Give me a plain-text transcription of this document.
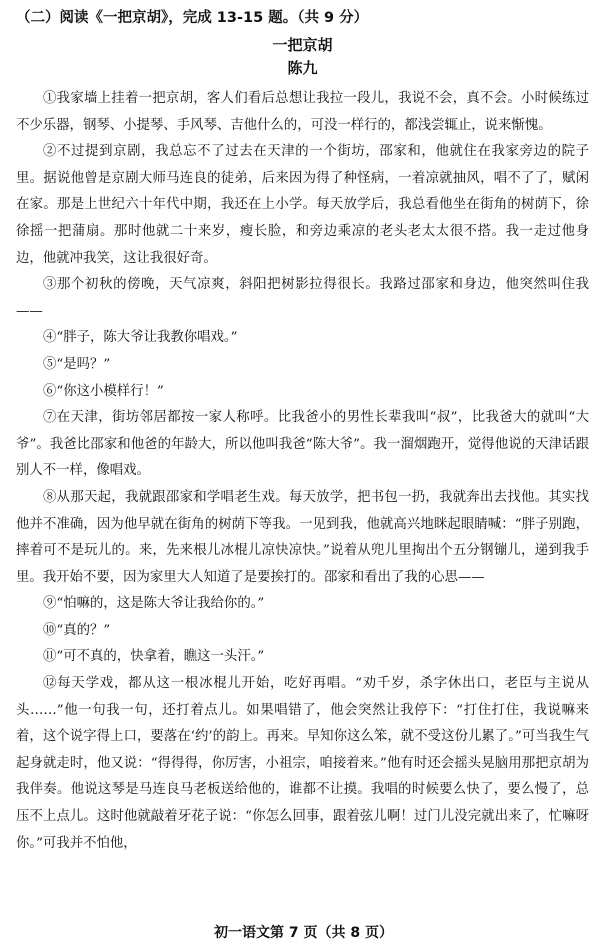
（二）阅读《一把京胡》，完成 13-15 题。（共 9 分）
一把京胡
陈九

①我家墙上挂着一把京胡，客人们看后总想让我拉一段儿，我说不会，真不会。小时候练过不少乐器，钢琴、小提琴、手风琴、吉他什么的，可没一样行的，都浅尝辄止，说来惭愧。

②不过提到京剧，我总忘不了过去在天津的一个街坊，邵家和，他就住在我家旁边的院子里。据说他曾是京剧大师马连良的徒弟，后来因为得了种怪病，一着凉就抽风，唱不了了，赋闲在家。那是上世纪六十年代中期，我还在上小学。每天放学后，我总看他坐在街角的树荫下，徐徐摇一把蒲扇。那时他就二十来岁，瘦长脸，和旁边乘凉的老头老太太很不搭。我一走过他身边，他就冲我笑，这让我很好奇。

③那个初秋的傍晚，天气凉爽，斜阳把树影拉得很长。我路过邵家和身边，他突然叫住我——

④“胖子，陈大爷让我教你唱戏。”

⑤“是吗？”

⑥“你这小模样行！”

⑦在天津，街坊邻居都按一家人称呼。比我爸小的男性长辈我叫“叔”，比我爸大的就叫“大爷”。我爸比邵家和他爸的年龄大，所以他叫我爸“陈大爷”。我一溜烟跑开，觉得他说的天津话跟别人不一样，像唱戏。

⑧从那天起，我就跟邵家和学唱老生戏。每天放学，把书包一扔，我就奔出去找他。其实找他并不准确，因为他早就在街角的树荫下等我。一见到我，他就高兴地眯起眼睛喊：“胖子别跑，摔着可不是玩儿的。来，先来根儿冰棍儿凉快凉快。”说着从兜儿里掏出个五分钢镚儿，递到我手里。我开始不要，因为家里大人知道了是要挨打的。邵家和看出了我的心思——

⑨“怕嘛的，这是陈大爷让我给你的。”

⑩“真的？”

⑪“可不真的，快拿着，瞧这一头汗。”

⑫每天学戏，都从这一根冰棍儿开始，吃好再唱。“劝千岁，杀字休出口，老臣与主说从头……”他一句我一句，还打着点儿。如果唱错了，他会突然让我停下：“打住打住，我说嘛来着，这个说字得上口，要落在‘约’的韵上。再来。早知你这么笨，就不受这份儿累了。”可当我生气起身就走时，他又说：“得得得，你厉害，小祖宗，咱接着来。”他有时还会摇头晃脑用那把京胡为我伴奏。他说这琴是马连良马老板送给他的，谁都不让摸。我唱的时候要么快了，要么慢了，总压不上点儿。这时他就敲着牙花子说：“你怎么回事，跟着弦儿啊！过门儿没完就出来了，忙嘛呀你。”可我并不怕他，

初一语文第 7 页（共 8 页）
